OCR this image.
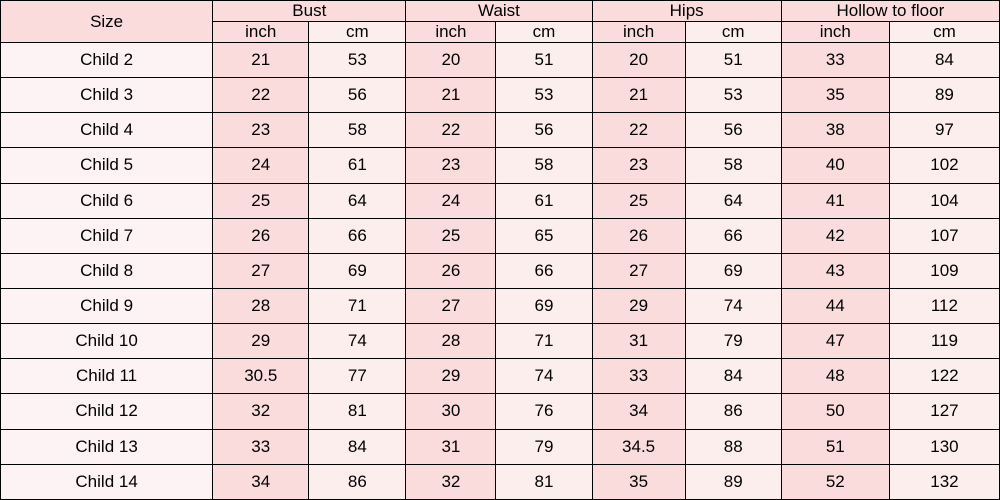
Size	Bust		Waist		Hips		Hollow to floor	
	inch	cm	inch	cm	inch	cm	inch	cm
Child 2	21	53	20	51	20	51	33	84
Child 3	22	56	21	53	21	53	35	89
Child 4	23	58	22	56	22	56	38	97
Child 5	24	61	23	58	23	58	40	102
Child 6	25	64	24	61	25	64	41	104
Child 7	26	66	25	65	26	66	42	107
Child 8	27	69	26	66	27	69	43	109
Child 9	28	71	27	69	29	74	44	112
Child 10	29	74	28	71	31	79	47	119
Child 11	30.5	77	29	74	33	84	48	122
Child 12	32	81	30	76	34	86	50	127
Child 13	33	84	31	79	34.5	88	51	130
Child 14	34	86	32	81	35	89	52	132
